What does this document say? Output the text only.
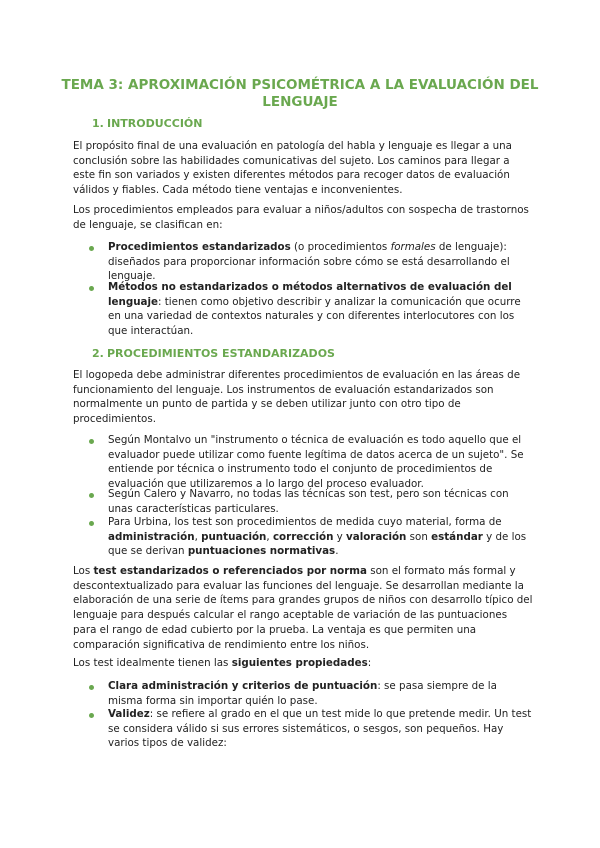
TEMA 3: APROXIMACIÓN PSICOMÉTRICA A LA EVALUACIÓN DEL LENGUAJE
1. INTRODUCCIÓN

El propósito final de una evaluación en patología del habla y lenguaje es llegar a una conclusión sobre las habilidades comunicativas del sujeto. Los caminos para llegar a este fin son variados y existen diferentes métodos para recoger datos de evaluación válidos y fiables. Cada método tiene ventajas e inconvenientes.

Los procedimientos empleados para evaluar a niños/adultos con sospecha de trastornos de lenguaje, se clasifican en:

Procedimientos estandarizados (o procedimientos formales de lenguaje): diseñados para proporcionar información sobre cómo se está desarrollando el lenguaje.
Métodos no estandarizados o métodos alternativos de evaluación del lenguaje: tienen como objetivo describir y analizar la comunicación que ocurre en una variedad de contextos naturales y con diferentes interlocutores con los que interactúan.
2. PROCEDIMIENTOS ESTANDARIZADOS

El logopeda debe administrar diferentes procedimientos de evaluación en las áreas de funcionamiento del lenguaje. Los instrumentos de evaluación estandarizados son normalmente un punto de partida y se deben utilizar junto con otro tipo de procedimientos.

Según Montalvo un "instrumento o técnica de evaluación es todo aquello que el evaluador puede utilizar como fuente legítima de datos acerca de un sujeto". Se entiende por técnica o instrumento todo el conjunto de procedimientos de evaluación que utilizaremos a lo largo del proceso evaluador.
Según Calero y Navarro, no todas las técnicas son test, pero son técnicas con unas características particulares.
Para Urbina, los test son procedimientos de medida cuyo material, forma de administración, puntuación, corrección y valoración son estándar y de los que se derivan puntuaciones normativas.

Los test estandarizados o referenciados por norma son el formato más formal y descontextualizado para evaluar las funciones del lenguaje. Se desarrollan mediante la elaboración de una serie de ítems para grandes grupos de niños con desarrollo típico del lenguaje para después calcular el rango aceptable de variación de las puntuaciones para el rango de edad cubierto por la prueba. La ventaja es que permiten una comparación significativa de rendimiento entre los niños.

Los test idealmente tienen las siguientes propiedades:

Clara administración y criterios de puntuación: se pasa siempre de la misma forma sin importar quién lo pase.
Validez: se refiere al grado en el que un test mide lo que pretende medir. Un test se considera válido si sus errores sistemáticos, o sesgos, son pequeños. Hay varios tipos de validez:
